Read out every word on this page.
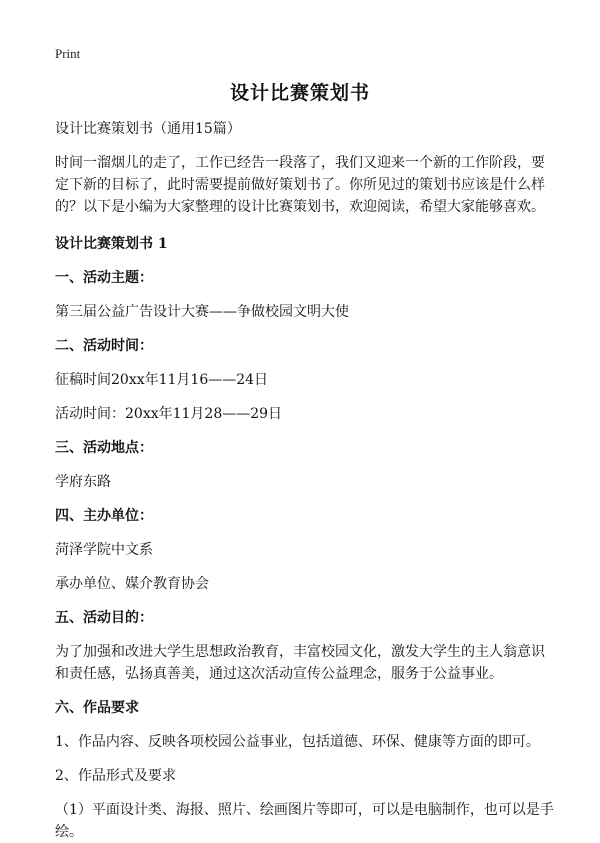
Print
设计比赛策划书

设计比赛策划书（通用15篇）

时间一溜烟儿的走了，工作已经告一段落了，我们又迎来一个新的工作阶段，要定下新的目标了，此时需要提前做好策划书了。你所见过的策划书应该是什么样的？以下是小编为大家整理的设计比赛策划书，欢迎阅读，希望大家能够喜欢。

设计比赛策划书 1

一、活动主题：

第三届公益广告设计大赛——争做校园文明大使

二、活动时间：

征稿时间20xx年11月16——24日

活动时间：20xx年11月28——29日

三、活动地点：

学府东路

四、主办单位：

菏泽学院中文系

承办单位、媒介教育协会

五、活动目的：

为了加强和改进大学生思想政治教育，丰富校园文化，激发大学生的主人翁意识和责任感，弘扬真善美，通过这次活动宣传公益理念，服务于公益事业。

六、作品要求

1、作品内容、反映各项校园公益事业，包括道德、环保、健康等方面的即可。

2、作品形式及要求

（1）平面设计类、海报、照片、绘画图片等即可，可以是电脑制作，也可以是手绘。
